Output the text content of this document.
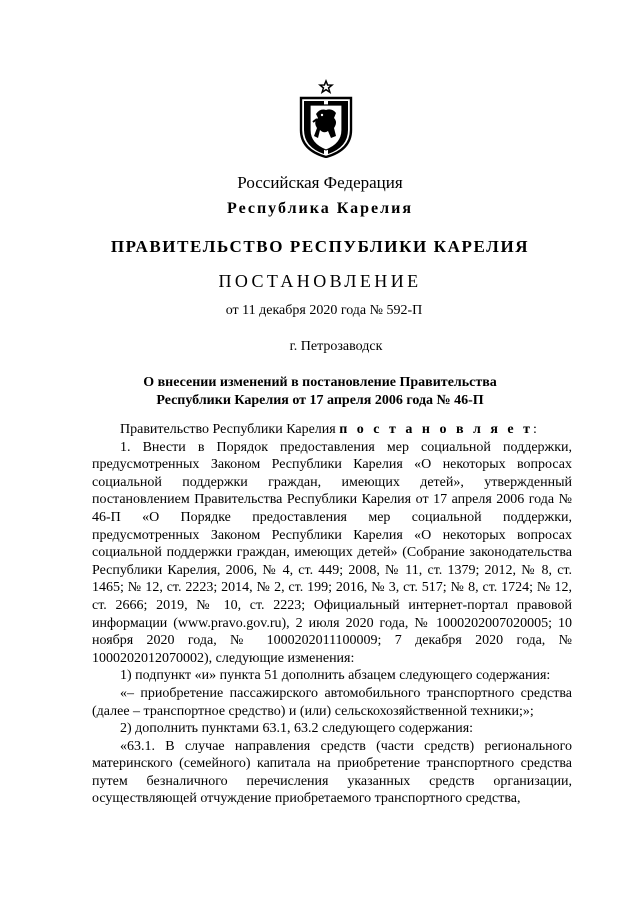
Российская Федерация
Республика Карелия
ПРАВИТЕЛЬСТВО РЕСПУБЛИКИ КАРЕЛИЯ
ПОСТАНОВЛЕНИЕ
от 11 декабря 2020 года № 592-П
г. Петрозаводск
О внесении изменений в постановление Правительства
Республики Карелия от 17 апреля 2006 года № 46-П

Правительство Республики Карелия п о с т а н о в л я е т:

1. Внести в Порядок предоставления мер социальной поддержки, предусмотренных Законом Республики Карелия «О некоторых вопросах социальной поддержки граждан, имеющих детей», утвержденный постановлением Правительства Республики Карелия от 17 апреля 2006 года № 46-П «О Порядке предоставления мер социальной поддержки, предусмотренных Законом Республики Карелия «О некоторых вопросах социальной поддержки граждан, имеющих детей» (Собрание законодательства Республики Карелия, 2006, № 4, ст. 449; 2008, № 11, ст. 1379; 2012, № 8, ст. 1465; № 12, ст. 2223; 2014, № 2, ст. 199; 2016, № 3, ст. 517; № 8, ст. 1724; № 12, ст. 2666; 2019, № 10, ст. 2223; Официальный интернет-портал правовой информации (www.pravo.gov.ru), 2 июля 2020 года, № 1000202007020005; 10 ноября 2020 года, № 1000202011100009; 7 декабря 2020 года, № 1000202012070002), следующие изменения:

1) подпункт «и» пункта 51 дополнить абзацем следующего содержания:

«– приобретение пассажирского автомобильного транспортного средства (далее – транспортное средство) и (или) сельскохозяйственной техники;»;

2) дополнить пунктами 63.1, 63.2 следующего содержания:

«63.1. В случае направления средств (части средств) регионального материнского (семейного) капитала на приобретение транспортного средства путем безналичного перечисления указанных средств организации, осуществляющей отчуждение приобретаемого транспортного средства,
